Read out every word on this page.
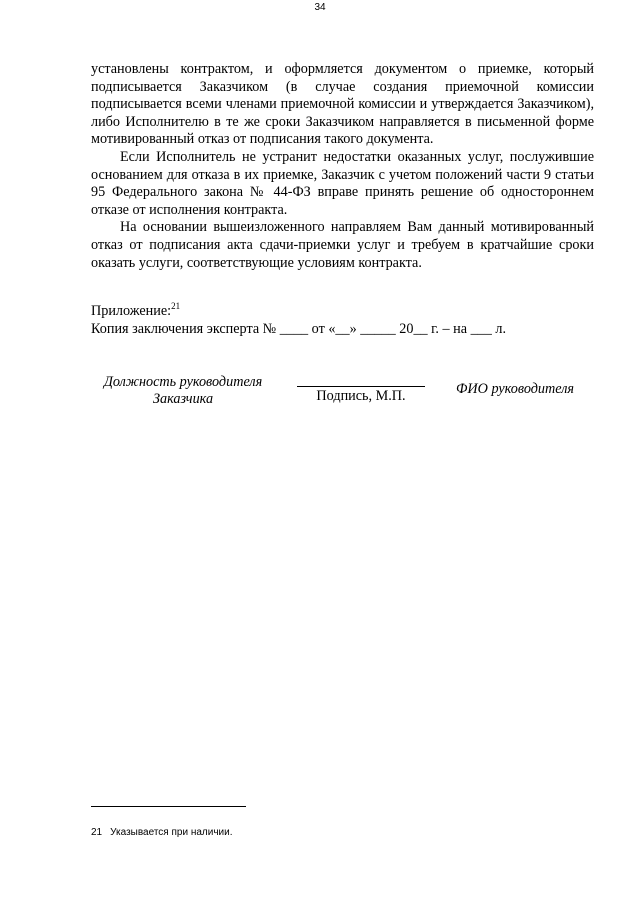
34

установлены контрактом, и оформляется документом о приемке, который подписывается Заказчиком (в случае создания приемочной комиссии подписывается всеми членами приемочной комиссии и утверждается Заказчиком), либо Исполнителю в те же сроки Заказчиком направляется в письменной форме мотивированный отказ от подписания такого документа.

Если Исполнитель не устранит недостатки оказанных услуг, послужившие основанием для отказа в их приемке, Заказчик с учетом положений части 9 статьи 95 Федерального закона № 44-ФЗ вправе принять решение об одностороннем отказе от исполнения контракта.

На основании вышеизложенного направляем Вам данный мотивированный отказ от подписания акта сдачи-приемки услуг и требуем в кратчайшие сроки оказать услуги, соответствующие условиям контракта.

Приложение:$^{21}$
Копия заключения эксперта № ____ от «__» _____ 20__ г. – на ___ л.
Должность руководителя
Заказчика	Подпись, М.П.	ФИО руководителя
21 Указывается при наличии.
